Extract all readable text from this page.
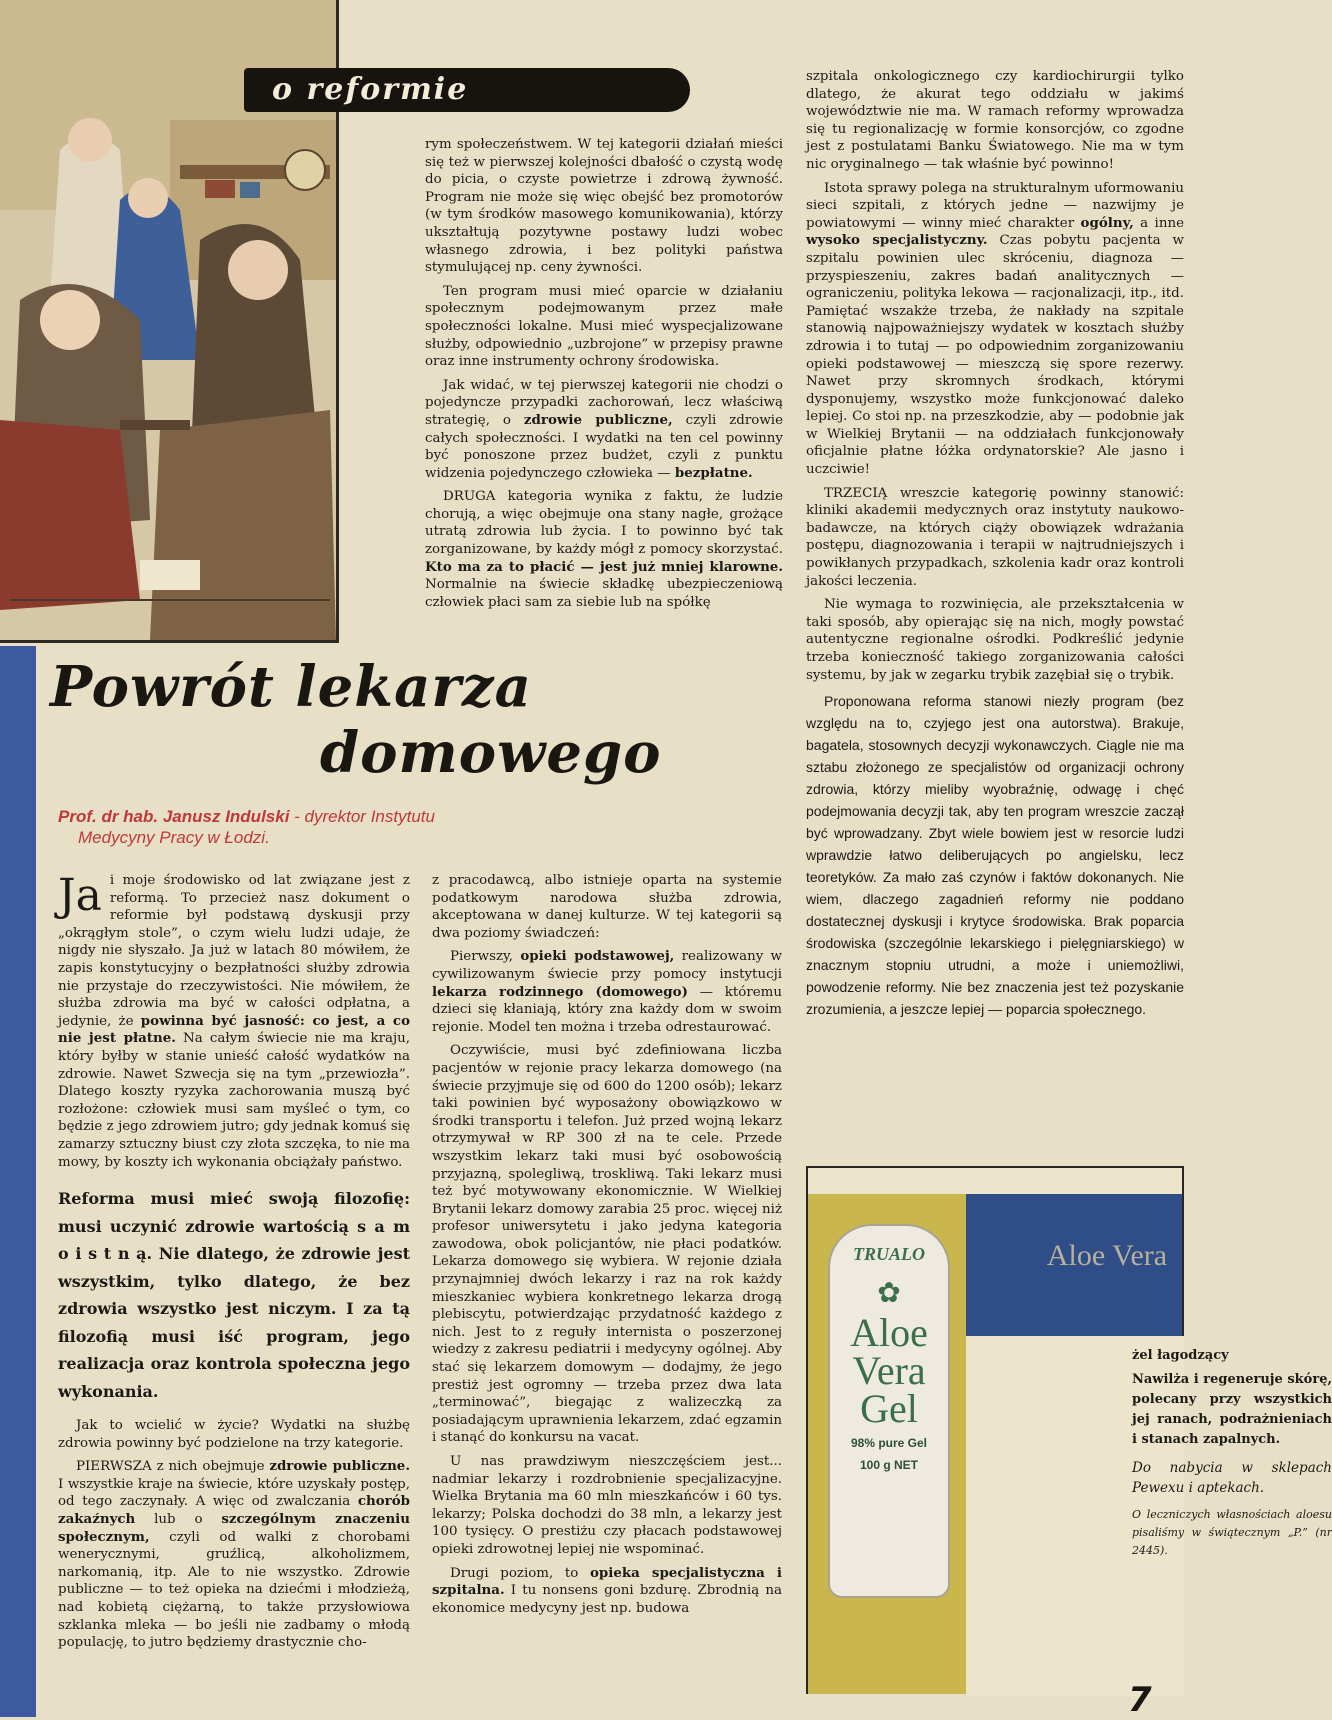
o reformie

rym społeczeństwem. W tej kategorii działań mieści się też w pierwszej kolejności dbałość o czystą wodę do picia, o czyste powietrze i zdrową żywność. Program nie może się więc obejść bez promotorów (w tym środków masowego komunikowania), którzy ukształtują pozytywne postawy ludzi wobec własnego zdrowia, i bez polityki państwa stymulującej np. ceny żywności.

Ten program musi mieć oparcie w działaniu społecznym podejmowanym przez małe społeczności lokalne. Musi mieć wyspecjalizowane służby, odpowiednio „uzbrojone” w przepisy prawne oraz inne instrumenty ochrony środowiska.

Jak widać, w tej pierwszej kategorii nie chodzi o pojedyncze przypadki zachorowań, lecz właściwą strategię, o zdrowie publiczne, czyli zdrowie całych społeczności. I wydatki na ten cel powinny być ponoszone przez budżet, czyli z punktu widzenia pojedynczego człowieka — bezpłatne.

DRUGA kategoria wynika z faktu, że ludzie chorują, a więc obejmuje ona stany nagłe, grożące utratą zdrowia lub życia. I to powinno być tak zorganizowane, by każdy mógł z pomocy skorzystać. Kto ma za to płacić — jest już mniej klarowne. Normalnie na świecie składkę ubezpieczeniową człowiek płaci sam za siebie lub na spółkę

szpitala onkologicznego czy kardiochirurgii tylko dlatego, że akurat tego oddziału w jakimś województwie nie ma. W ramach reformy wprowadza się tu regionalizację w formie konsorcjów, co zgodne jest z postulatami Banku Światowego. Nie ma w tym nic oryginalnego — tak właśnie być powinno!

Istota sprawy polega na strukturalnym uformowaniu sieci szpitali, z których jedne — nazwijmy je powiatowymi — winny mieć charakter ogólny, a inne wysoko specjalistyczny. Czas pobytu pacjenta w szpitalu powinien ulec skróceniu, diagnoza — przyspieszeniu, zakres badań analitycznych — ograniczeniu, polityka lekowa — racjonalizacji, itp., itd. Pamiętać wszakże trzeba, że nakłady na szpitale stanowią najpoważniejszy wydatek w kosztach służby zdrowia i to tutaj — po odpowiednim zorganizowaniu opieki podstawowej — mieszczą się spore rezerwy. Nawet przy skromnych środkach, którymi dysponujemy, wszystko może funkcjonować daleko lepiej. Co stoi np. na przeszkodzie, aby — podobnie jak w Wielkiej Brytanii — na oddziałach funkcjonowały oficjalnie płatne łóżka ordynatorskie? Ale jasno i uczciwie!

TRZECIĄ wreszcie kategorię powinny stanowić: kliniki akademii medycznych oraz instytuty naukowo-badawcze, na których ciąży obowiązek wdrażania postępu, diagnozowania i terapii w najtrudniejszych i powikłanych przypadkach, szkolenia kadr oraz kontroli jakości leczenia.

Nie wymaga to rozwinięcia, ale przekształcenia w taki sposób, aby opierając się na nich, mogły powstać autentyczne regionalne ośrodki. Podkreślić jedynie trzeba konieczność takiego zorganizowania całości systemu, by jak w zegarku trybik zazębiał się o trybik.

Proponowana reforma stanowi niezły program (bez względu na to, czyjego jest ona autorstwa). Brakuje, bagatela, stosownych decyzji wykonawczych. Ciągle nie ma sztabu złożonego ze specjalistów od organizacji ochrony zdrowia, którzy mieliby wyobraźnię, odwagę i chęć podejmowania decyzji tak, aby ten program wreszcie zaczął być wprowadzany. Zbyt wiele bowiem jest w resorcie ludzi wprawdzie łatwo deliberujących po angielsku, lecz teoretyków. Za mało zaś czynów i faktów dokonanych. Nie wiem, dlaczego zagadnień reformy nie poddano dostatecznej dyskusji i krytyce środowiska. Brak poparcia środowiska (szczególnie lekarskiego i pielęgniarskiego) w znacznym stopniu utrudni, a może i uniemożliwi, powodzenie reformy. Nie bez znaczenia jest też pozyskanie zrozumienia, a jeszcze lepiej — poparcia społecznego.

Powrót lekarza
domowego
Prof. dr hab. Janusz Indulski - dyrektor Instytutu
Medycyny Pracy w Łodzi.
Ja i moje środowisko od lat związane jest z reformą. To przecież nasz dokument o reformie był podstawą dyskusji przy „okrągłym stole”, o czym wielu ludzi udaje, że nigdy nie słyszało. Ja już w latach 80 mówiłem, że zapis konstytucyjny o bezpłatności służby zdrowia nie przystaje do rzeczywistości. Nie mówiłem, że służba zdrowia ma być w całości odpłatna, a jedynie, że powinna być jasność: co jest, a co nie jest płatne. Na całym świecie nie ma kraju, który byłby w stanie unieść całość wydatków na zdrowie. Nawet Szwecja się na tym „przewiozła”. Dlatego koszty ryzyka zachorowania muszą być rozłożone: człowiek musi sam myśleć o tym, co będzie z jego zdrowiem jutro; gdy jednak komuś się zamarzy sztuczny biust czy złota szczęka, to nie ma mowy, by koszty ich wykonania obciążały państwo.
Reforma musi mieć swoją filozofię: musi uczynić zdrowie wartością s a m o i s t n ą. Nie dlatego, że zdrowie jest wszystkim, tylko dlatego, że bez zdrowia wszystko jest niczym. I za tą filozofią musi iść program, jego realizacja oraz kontrola społeczna jego wykonania.

Jak to wcielić w życie? Wydatki na służbę zdrowia powinny być podzielone na trzy kategorie.

PIERWSZA z nich obejmuje zdrowie publiczne. I wszystkie kraje na świecie, które uzyskały postęp, od tego zaczynały. A więc od zwalczania chorób zakaźnych lub o szczególnym znaczeniu społecznym, czyli od walki z chorobami wenerycznymi, gruźlicą, alkoholizmem, narkomanią, itp. Ale to nie wszystko. Zdrowie publiczne — to też opieka na dziećmi i młodzieżą, nad kobietą ciężarną, to także przysłowiowa szklanka mleka — bo jeśli nie zadbamy o młodą populację, to jutro będziemy drastycznie cho-

z pracodawcą, albo istnieje oparta na systemie podatkowym narodowa służba zdrowia, akceptowana w danej kulturze. W tej kategorii są dwa poziomy świadczeń:

Pierwszy, opieki podstawowej, realizowany w cywilizowanym świecie przy pomocy instytucji lekarza rodzinnego (domowego) — któremu dzieci się kłaniają, który zna każdy dom w swoim rejonie. Model ten można i trzeba odrestaurować.

Oczywiście, musi być zdefiniowana liczba pacjentów w rejonie pracy lekarza domowego (na świecie przyjmuje się od 600 do 1200 osób); lekarz taki powinien być wyposażony obowiązkowo w środki transportu i telefon. Już przed wojną lekarz otrzymywał w RP 300 zł na te cele. Przede wszystkim lekarz taki musi być osobowością przyjazną, spolegliwą, troskliwą. Taki lekarz musi też być motywowany ekonomicznie. W Wielkiej Brytanii lekarz domowy zarabia 25 proc. więcej niż profesor uniwersytetu i jako jedyna kategoria zawodowa, obok policjantów, nie płaci podatków. Lekarza domowego się wybiera. W rejonie działa przynajmniej dwóch lekarzy i raz na rok każdy mieszkaniec wybiera konkretnego lekarza drogą plebiscytu, potwierdzając przydatność każdego z nich. Jest to z reguły internista o poszerzonej wiedzy z zakresu pediatrii i medycyny ogólnej. Aby stać się lekarzem domowym — dodajmy, że jego prestiż jest ogromny — trzeba przez dwa lata „terminować”, biegając z walizeczką za posiadającym uprawnienia lekarzem, zdać egzamin i stanąć do konkursu na vacat.

U nas prawdziwym nieszczęściem jest... nadmiar lekarzy i rozdrobnienie specjalizacyjne. Wielka Brytania ma 60 mln mieszkańców i 60 tys. lekarzy; Polska dochodzi do 38 mln, a lekarzy jest 100 tysięcy. O prestiżu czy płacach podstawowej opieki zdrowotnej lepiej nie wspominać.

Drugi poziom, to opieka specjalistyczna i szpitalna. I tu nonsens goni bzdurę. Zbrodnią na ekonomice medycyny jest np. budowa

Aloe Vera
TRUALO
✿
Aloe Vera Gel
98% pure Gel
100 g NET
żel łagodzący
Nawilża i regeneruje skórę, polecany przy wszystkich jej ranach, podrażnieniach i stanach zapalnych.
Do nabycia w sklepach Pewexu i aptekach.
O leczniczych własnościach aloesu pisaliśmy w świątecznym „P.” (nr 2445).
7
